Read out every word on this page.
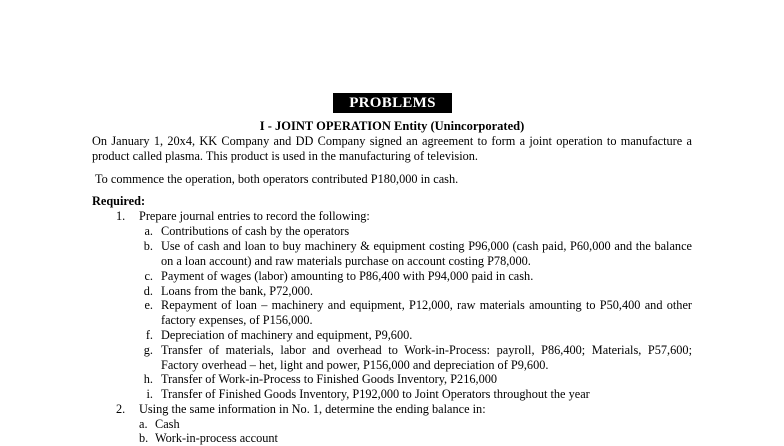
PROBLEMS
I - JOINT OPERATION Entity (Unincorporated)
On January 1, 20x4, KK Company and DD Company signed an agreement to form a joint operation to manufacture a product called plasma. This product is used in the manufacturing of television.
To commence the operation, both operators contributed P180,000 in cash.
Required:
1. Prepare journal entries to record the following:
a. Contributions of cash by the operators
b. Use of cash and loan to buy machinery & equipment costing P96,000 (cash paid, P60,000 and the balance on a loan account) and raw materials purchase on account costing P78,000.
c. Payment of wages (labor) amounting to P86,400 with P94,000 paid in cash.
d. Loans from the bank, P72,000.
e. Repayment of loan – machinery and equipment, P12,000, raw materials amounting to P50,400 and other factory expenses, of P156,000.
f. Depreciation of machinery and equipment, P9,600.
g. Transfer of materials, labor and overhead to Work-in-Process: payroll, P86,400; Materials, P57,600; Factory overhead – het, light and power, P156,000 and depreciation of P9,600.
h. Transfer of Work-in-Process to Finished Goods Inventory, P216,000
i. Transfer of Finished Goods Inventory, P192,000 to Joint Operators throughout the year
2. Using the same information in No. 1, determine the ending balance in:
a. Cash
b. Work-in-process account
